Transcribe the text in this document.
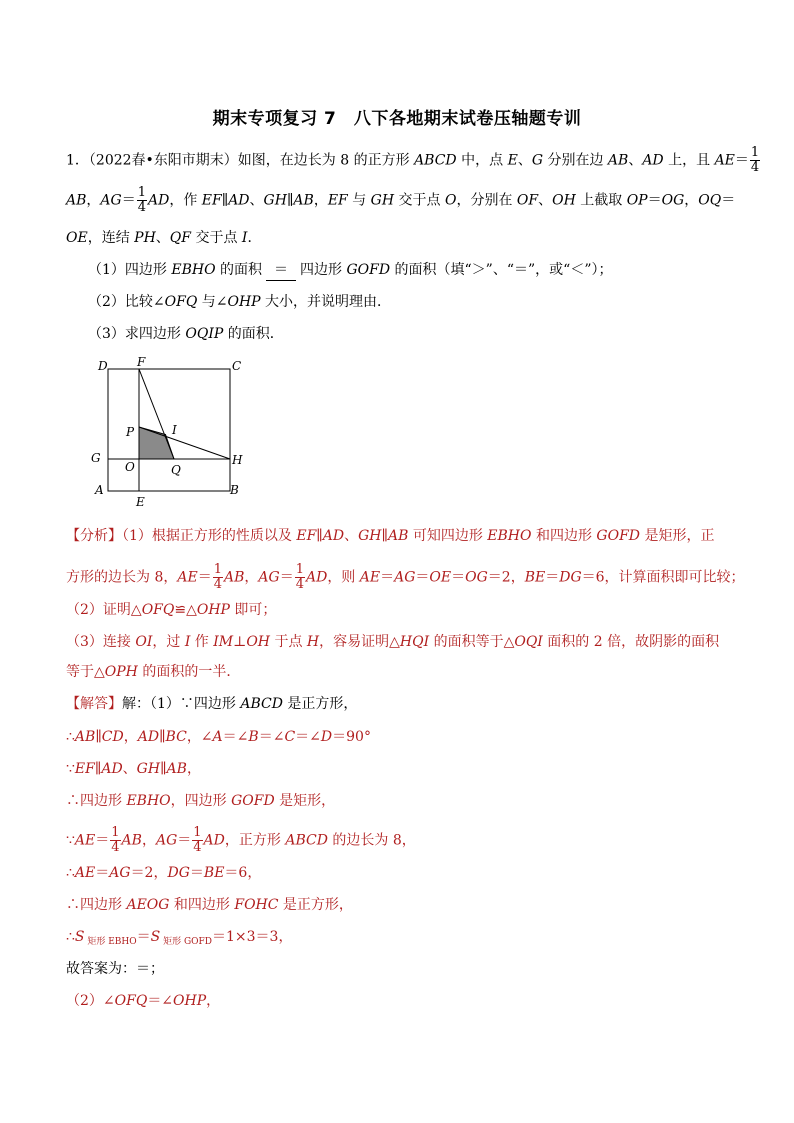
期末专项复习 7　八下各地期末试卷压轴题专训
1．（2022春•东阳市期末）如图，在边长为 8 的正方形 ABCD 中，点 E、G 分别在边 AB、AD 上，且 $AE= \frac{1}{4}$
AB，$AG= \frac{1}{4}$ AD，作 EF∥AD、GH∥AB，EF 与 GH 交于点 O，分别在 OF、OH 上截取 OP＝OG，OQ＝
OE，连结 PH、QF 交于点 I．
（1）四边形 EBHO 的面积 ＝ 四边形 GOFD 的面积（填“＞”、“＝”，或“＜”）；
（2）比较∠OFQ 与∠OHP 大小，并说明理由．
（3）求四边形 OQIP 的面积．
D F	C
P	I
G	H
O	Q
A
E
B
【分析】（1）根据正方形的性质以及 EF∥AD、GH∥AB 可知四边形 EBHO 和四边形 GOFD 是矩形，正
方形的边长为 8，$AE= \frac{1}{4}$ AB，$AG= \frac{1}{4}$ AD，则 AE＝AG＝OE＝OG＝2，BE＝DG＝6，计算面积即可比较；
（2）证明△OFQ≌△OHP 即可；
（3）连接 OI，过 I 作 IM⊥OH 于点 H，容易证明△HQI 的面积等于△OQI 面积的 2 倍，故阴影的面积
等于△OPH 的面积的一半．
【解答】解：（1）∵四边形 ABCD 是正方形，
∴AB∥CD，AD∥BC，∠A＝∠B＝∠C＝∠D＝90°
∵EF∥AD、GH∥AB，
∴四边形 EBHO，四边形 GOFD 是矩形，
∵AE＝ $\frac{1}{4}$ AB，$AG= \frac{1}{4}$ AD，正方形 ABCD 的边长为 8，
∴AE＝AG＝2，DG＝BE＝6，
∴四边形 AEOG 和四边形 FOHC 是正方形，
∴S $_{矩形 EBHO}$＝S $_{矩形 GOFD}$＝1×3＝3，
故答案为：＝；
（2）∠OFQ＝∠OHP，
